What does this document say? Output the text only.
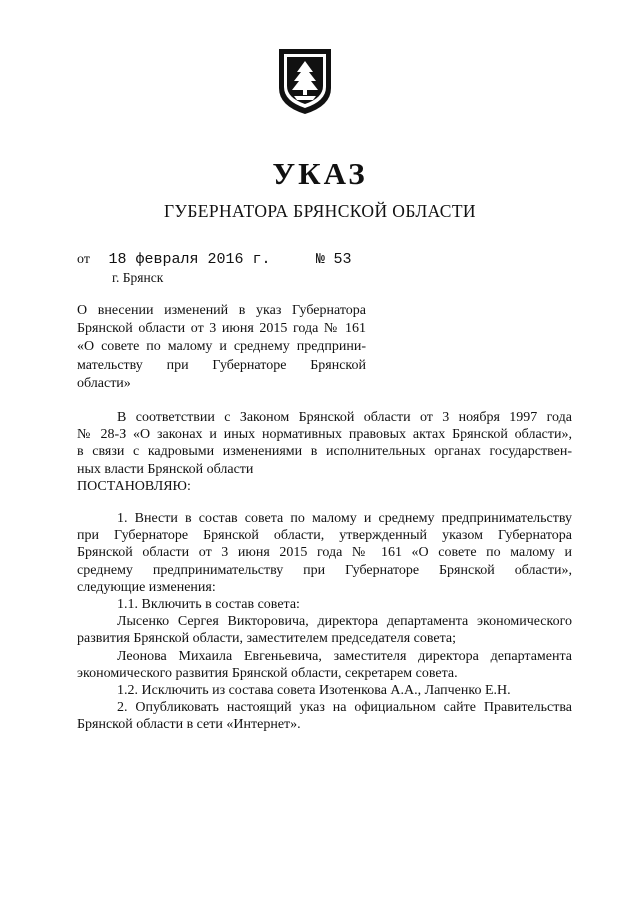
УКАЗ
ГУБЕРНАТОРА БРЯНСКОЙ ОБЛАСТИ
от 18 февраля 2016 г.	№ 53
г. Брянск
О внесении изменений в указ Губернатора
Брянской области от 3 июня 2015 года № 161
«О совете по малому и среднему предприни-
мательству при Губернаторе Брянской
области»
В соответствии с Законом Брянской области от 3 ноября 1997 года
№ 28-З «О законах и иных нормативных правовых актах Брянской области»,
в связи с кадровыми изменениями в исполнительных органах государствен-
ных власти Брянской области
ПОСТАНОВЛЯЮ:
1. Внести в состав совета по малому и среднему предпринимательству
при Губернаторе Брянской области, утвержденный указом Губернатора
Брянской области от 3 июня 2015 года № 161 «О совете по малому и
среднему предпринимательству при Губернаторе Брянской области»,
следующие изменения:
1.1. Включить в состав совета:
Лысенко Сергея Викторовича, директора департамента экономического
развития Брянской области, заместителем председателя совета;
Леонова Михаила Евгеньевича, заместителя директора департамента
экономического развития Брянской области, секретарем совета.
1.2. Исключить из состава совета Изотенкова А.А., Лапченко Е.Н.
2. Опубликовать настоящий указ на официальном сайте Правительства
Брянской области в сети «Интернет».
